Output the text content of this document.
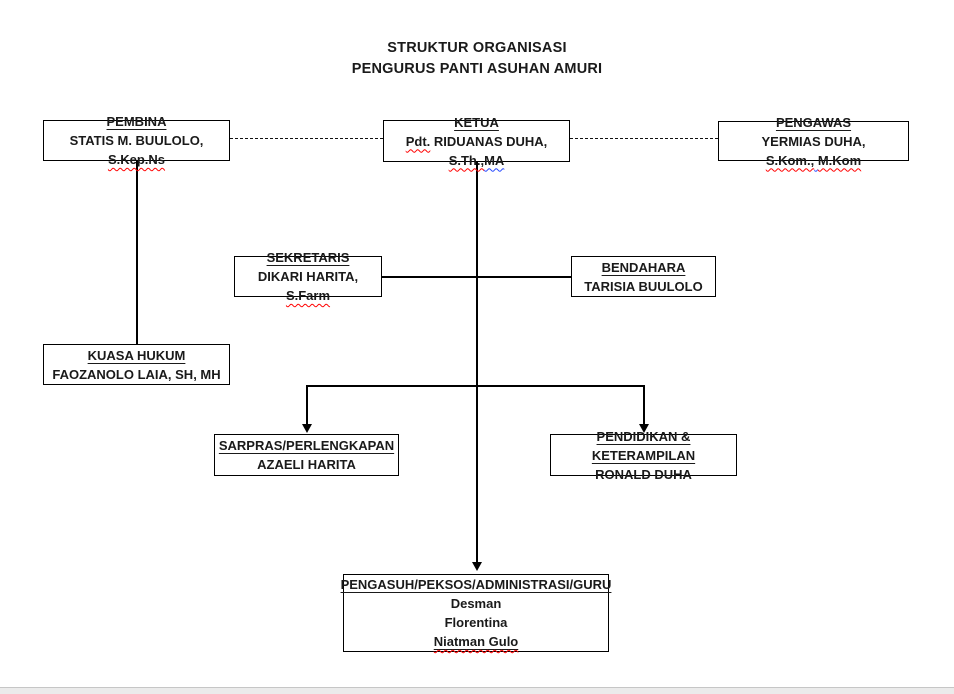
STRUKTUR ORGANISASI
PENGURUS PANTI ASUHAN AMURI
PEMBINA
STATIS M. BUULOLO, S.Kep.Ns
KETUA
Pdt. RIDUANAS DUHA, S.Th.,MA
PENGAWAS
YERMIAS DUHA, S.Kom., M.Kom
SEKRETARIS
DIKARI HARITA, S.Farm
BENDAHARA
TARISIA BUULOLO
KUASA HUKUM
FAOZANOLO LAIA, SH, MH
SARPRAS/PERLENGKAPAN
AZAELI HARITA
PENDIDIKAN & KETERAMPILAN
RONALD DUHA
PENGASUH/PEKSOS/ADMINISTRASI/GURU
Desman
Florentina
Niatman Gulo
